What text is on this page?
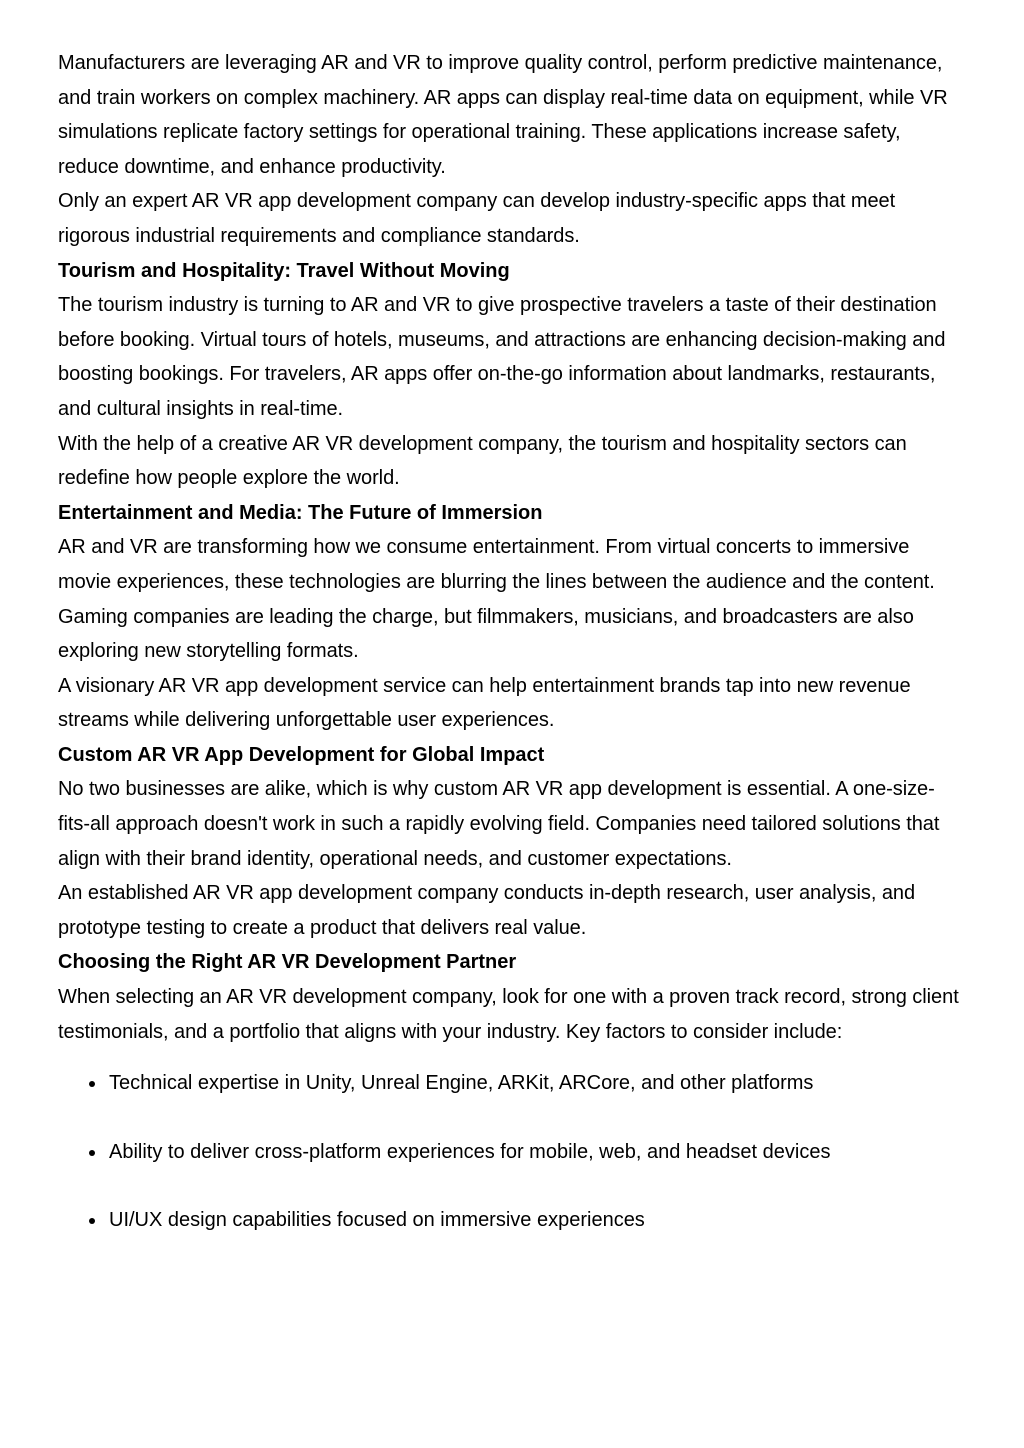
Manufacturers are leveraging AR and VR to improve quality control, perform predictive maintenance, and train workers on complex machinery. AR apps can display real-time data on equipment, while VR simulations replicate factory settings for operational training. These applications increase safety, reduce downtime, and enhance productivity.

Only an expert AR VR app development company can develop industry-specific apps that meet rigorous industrial requirements and compliance standards.

Tourism and Hospitality: Travel Without Moving

The tourism industry is turning to AR and VR to give prospective travelers a taste of their destination before booking. Virtual tours of hotels, museums, and attractions are enhancing decision-making and boosting bookings. For travelers, AR apps offer on-the-go information about landmarks, restaurants, and cultural insights in real-time.

With the help of a creative AR VR development company, the tourism and hospitality sectors can redefine how people explore the world.

Entertainment and Media: The Future of Immersion

AR and VR are transforming how we consume entertainment. From virtual concerts to immersive movie experiences, these technologies are blurring the lines between the audience and the content. Gaming companies are leading the charge, but filmmakers, musicians, and broadcasters are also exploring new storytelling formats.

A visionary AR VR app development service can help entertainment brands tap into new revenue streams while delivering unforgettable user experiences.

Custom AR VR App Development for Global Impact

No two businesses are alike, which is why custom AR VR app development is essential. A one-size-fits-all approach doesn't work in such a rapidly evolving field. Companies need tailored solutions that align with their brand identity, operational needs, and customer expectations.

An established AR VR app development company conducts in-depth research, user analysis, and prototype testing to create a product that delivers real value.

Choosing the Right AR VR Development Partner

When selecting an AR VR development company, look for one with a proven track record, strong client testimonials, and a portfolio that aligns with your industry. Key factors to consider include:

Technical expertise in Unity, Unreal Engine, ARKit, ARCore, and other platforms
Ability to deliver cross-platform experiences for mobile, web, and headset devices
UI/UX design capabilities focused on immersive experiences
